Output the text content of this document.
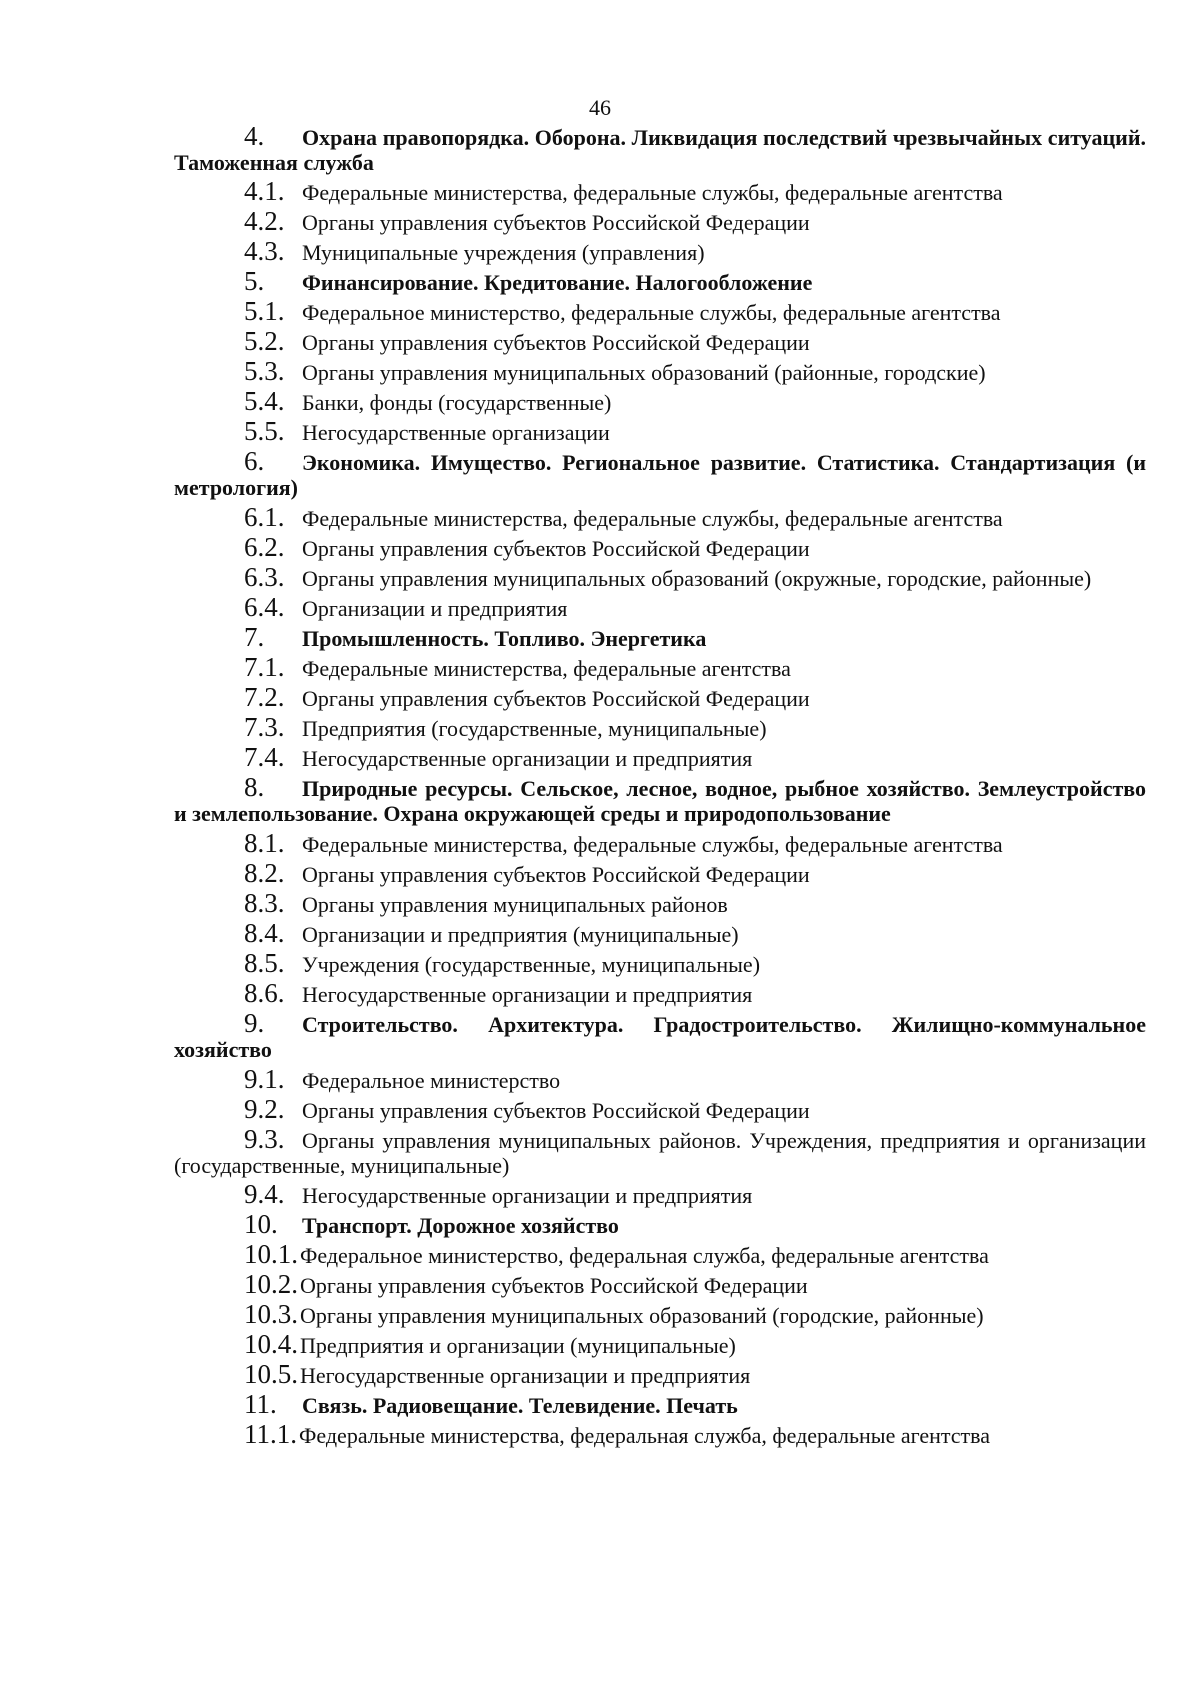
46
4. Охрана правопорядка. Оборона. Ликвидация последствий чрезвычайных ситуаций. Таможенная служба
4.1. Федеральные министерства, федеральные службы, федеральные агентства
4.2. Органы управления субъектов Российской Федерации
4.3. Муниципальные учреждения (управления)
5. Финансирование. Кредитование. Налогообложение
5.1. Федеральное министерство, федеральные службы, федеральные агентства
5.2. Органы управления субъектов Российской Федерации
5.3. Органы управления муниципальных образований (районные, городские)
5.4. Банки, фонды (государственные)
5.5. Негосударственные организации
6. Экономика. Имущество. Региональное развитие. Статистика. Стандартизация (и метрология)
6.1. Федеральные министерства, федеральные службы, федеральные агентства
6.2. Органы управления субъектов Российской Федерации
6.3. Органы управления муниципальных образований (окружные, городские, районные)
6.4. Организации и предприятия
7. Промышленность. Топливо. Энергетика
7.1. Федеральные министерства, федеральные агентства
7.2. Органы управления субъектов Российской Федерации
7.3. Предприятия (государственные, муниципальные)
7.4. Негосударственные организации и предприятия
8. Природные ресурсы. Сельское, лесное, водное, рыбное хозяйство. Землеустройство и землепользование. Охрана окружающей среды и природопользование
8.1. Федеральные министерства, федеральные службы, федеральные агентства
8.2. Органы управления субъектов Российской Федерации
8.3. Органы управления муниципальных районов
8.4. Организации и предприятия (муниципальные)
8.5. Учреждения (государственные, муниципальные)
8.6. Негосударственные организации и предприятия
9. Строительство. Архитектура. Градостроительство. Жилищно-коммунальное хозяйство
9.1. Федеральное министерство
9.2. Органы управления субъектов Российской Федерации
9.3. Органы управления муниципальных районов. Учреждения, предприятия и организации (государственные, муниципальные)
9.4. Негосударственные организации и предприятия
10. Транспорт. Дорожное хозяйство
10.1.Федеральное министерство, федеральная служба, федеральные агентства
10.2.Органы управления субъектов Российской Федерации
10.3.Органы управления муниципальных образований (городские, районные)
10.4.Предприятия и организации (муниципальные)
10.5.Негосударственные организации и предприятия
11. Связь. Радиовещание. Телевидение. Печать
11.1.Федеральные министерства, федеральная служба, федеральные агентства
